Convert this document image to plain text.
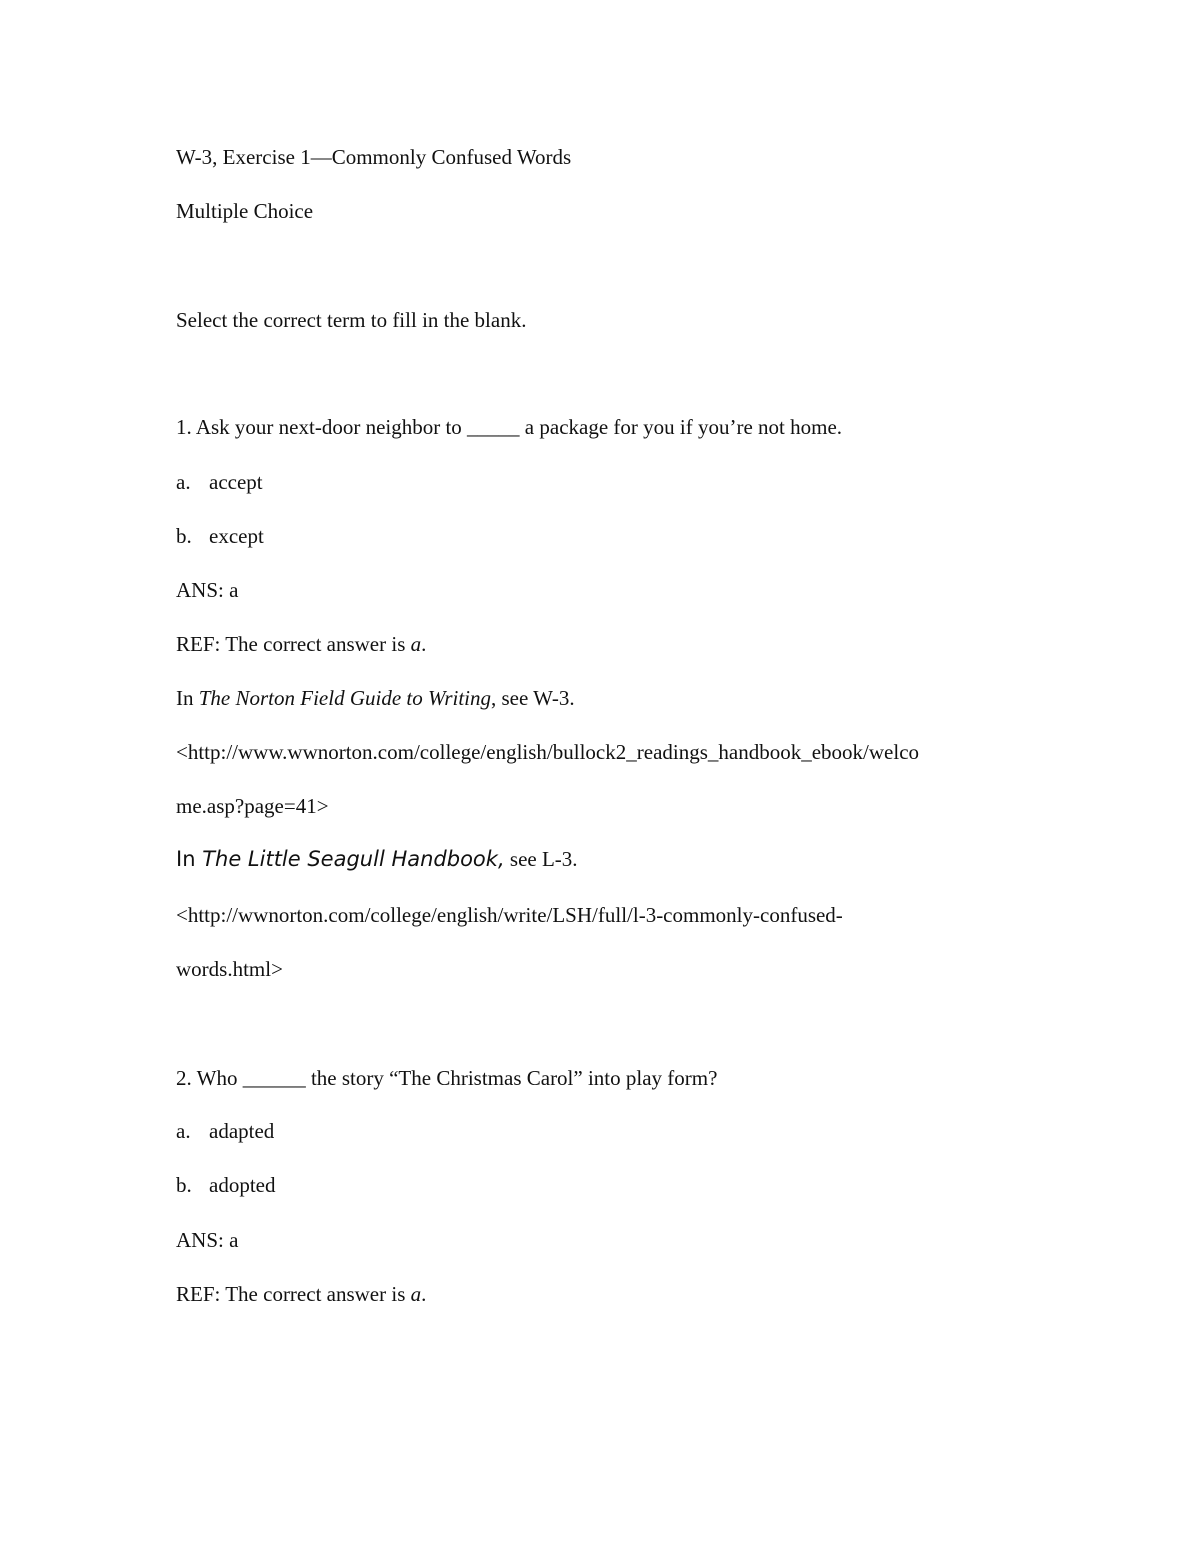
W-3, Exercise 1—Commonly Confused Words
Multiple Choice
Select the correct term to fill in the blank.
1. Ask your next-door neighbor to _____ a package for you if you’re not home.
a. accept
b. except
ANS: a
REF: The correct answer is a.
In The Norton Field Guide to Writing, see W-3.
<http://www.wwnorton.com/college/english/bullock2_readings_handbook_ebook/welco
me.asp?page=41>
In The Little Seagull Handbook, see L-3.
<http://wwnorton.com/college/english/write/LSH/full/l-3-commonly-confused-
words.html>
2. Who ______ the story “The Christmas Carol” into play form?
a. adapted
b. adopted
ANS: a
REF: The correct answer is a.
